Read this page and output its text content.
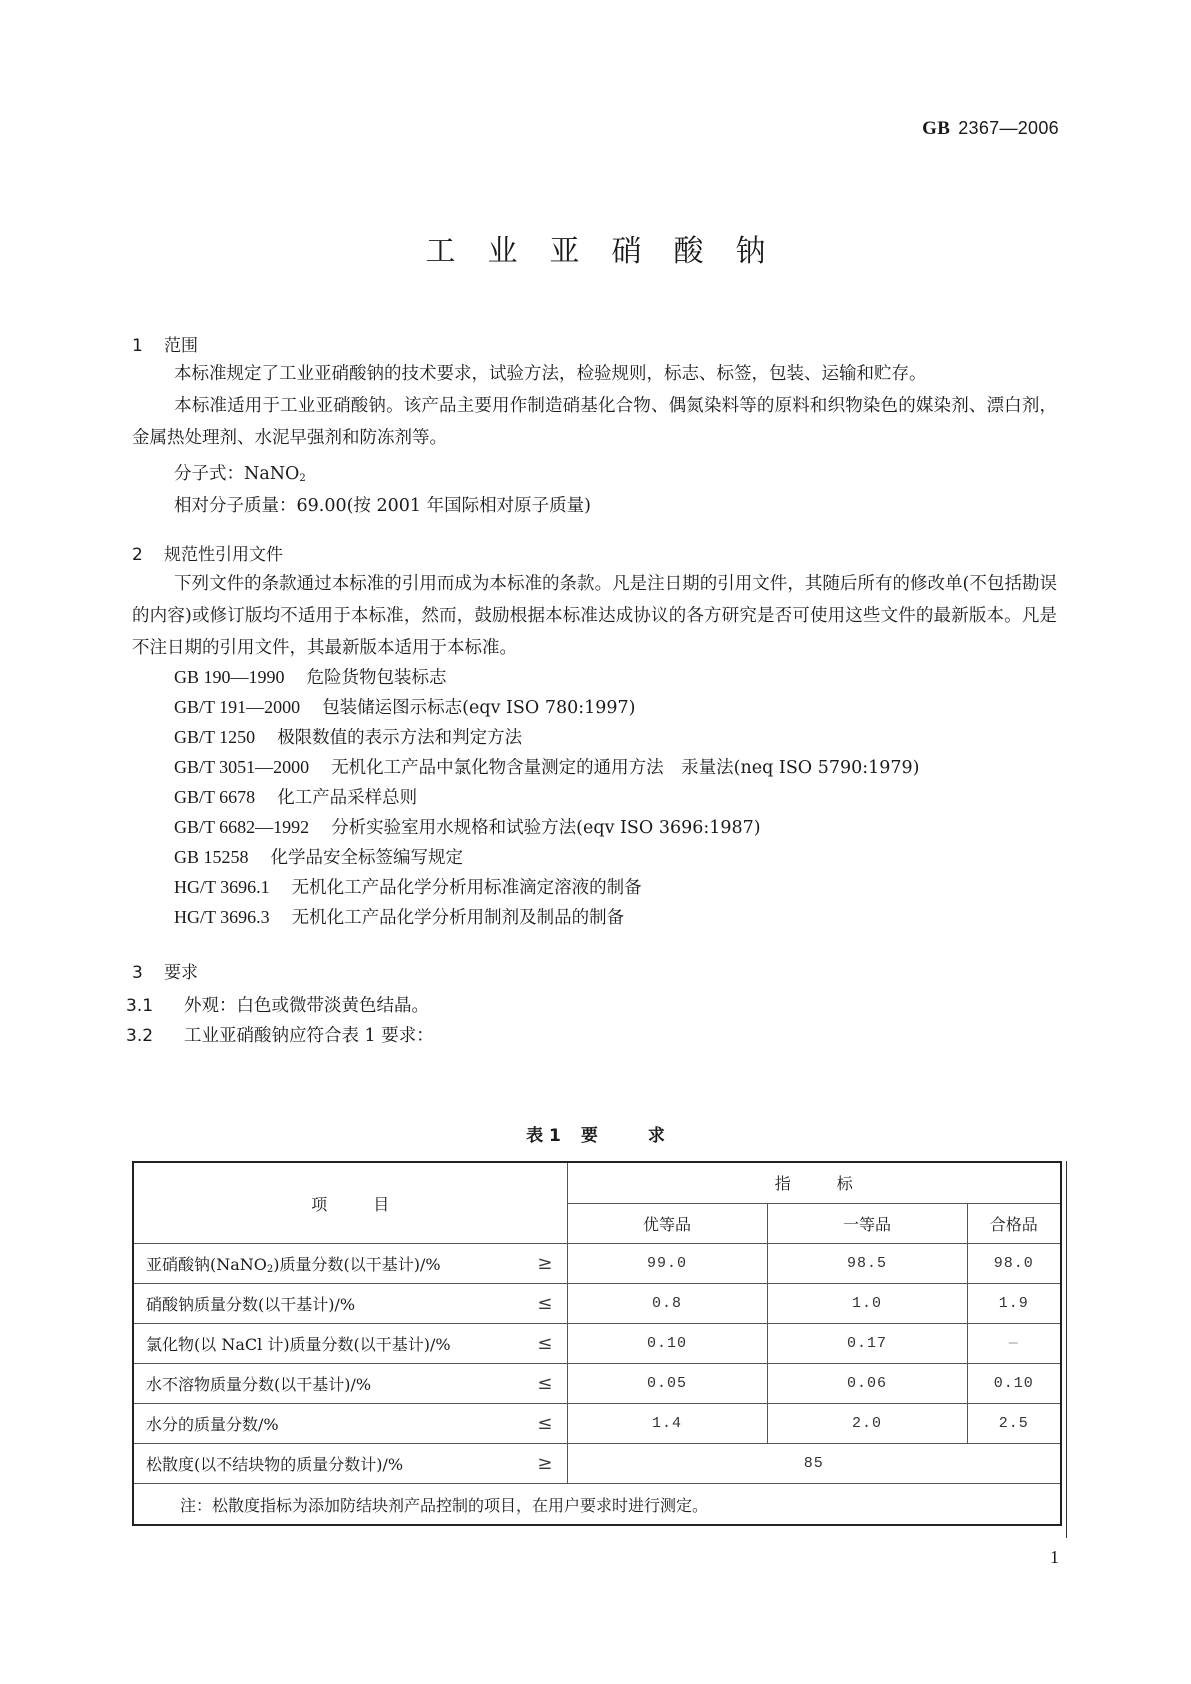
GB 2367—2006
工业亚硝酸钠
1 范围
本标准规定了工业亚硝酸钠的技术要求，试验方法，检验规则，标志、标签，包装、运输和贮存。
本标准适用于工业亚硝酸钠。该产品主要用作制造硝基化合物、偶氮染料等的原料和织物染色的媒染剂、漂白剂，金属热处理剂、水泥早强剂和防冻剂等。
分子式：NaNO$_2$
相对分子质量：69.00(按 2001 年国际相对原子质量)
2 规范性引用文件
下列文件的条款通过本标准的引用而成为本标准的条款。凡是注日期的引用文件，其随后所有的修改单(不包括勘误的内容)或修订版均不适用于本标准，然而，鼓励根据本标准达成协议的各方研究是否可使用这些文件的最新版本。凡是不注日期的引用文件，其最新版本适用于本标准。
GB 190—1990 危险货物包装标志
GB/T 191—2000 包装储运图示标志(eqv ISO 780:1997)
GB/T 1250 极限数值的表示方法和判定方法
GB/T 3051—2000 无机化工产品中氯化物含量测定的通用方法　汞量法(neq ISO 5790:1979)
GB/T 6678 化工产品采样总则
GB/T 6682—1992 分析实验室用水规格和试验方法(eqv ISO 3696:1987)
GB 15258 化学品安全标签编写规定
HG/T 3696.1 无机化工产品化学分析用标准滴定溶液的制备
HG/T 3696.3 无机化工产品化学分析用制剂及制品的制备
3 要求
3.1 外观：白色或微带淡黄色结晶。
3.2 工业亚硝酸钠应符合表 1 要求：
表 1 要	求
项目	指标		
	优等品	一等品	合格品

亚硝酸钠(NaNO$_2$)质量分数(以干基计)/% ≥	99.0	98.5	98.0

硝酸钠质量分数(以干基计)/% ≤	0.8	1.0	1.9

氯化物(以 NaCl 计)质量分数(以干基计)/% ≤	0.10	0.17	—

水不溶物质量分数(以干基计)/% ≤	0.05	0.06	0.10

水分的质量分数/% ≤	1.4	2.0	2.5

松散度(以不结块物的质量分数计)/% ≥	85		
注：松散度指标为添加防结块剂产品控制的项目，在用户要求时进行测定。			
1
